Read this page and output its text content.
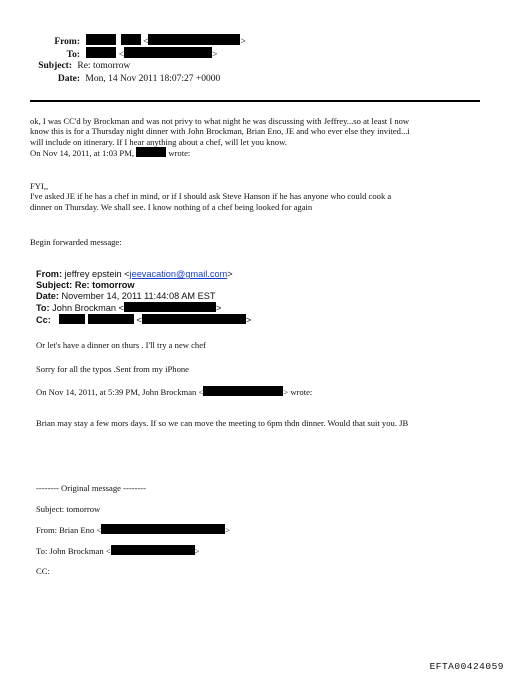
From:	<	>
To:	<	>
Subject: Re: tomorrow
Date: Mon, 14 Nov 2011 18:07:27 +0000
ok, I was CC'd by Brockman and was not privy to what night he was discussing with Jeffrey...so at least I now
know this is for a Thursday night dinner with John Brockman, Brian Eno, JE and who ever else they invited...i
will include on itinerary. If I hear anything about a chef, will let you know.
On Nov 14, 2011, at 1:03 PM,	wrote:
FYI,,
I've asked JE if he has a chef in mind, or if I should ask Steve Hanson if he has anyone who could cook a
dinner on Thursday. We shall see. I know nothing of a chef being looked for again
Begin forwarded message:
From: jeffrey epstein <jeevacation@gmail.com>
Subject: Re: tomorrow
Date: November 14, 2011 11:44:08 AM EST
To: John Brockman <	>
Cc:	<	>
Or let's have a dinner on thurs . I'll try a new chef
Sorry for all the typos .Sent from my iPhone
On Nov 14, 2011, at 5:39 PM, John Brockman <	> wrote:
Brian may stay a few mors days. If so we can move the meeting to 6pm thdn dinner. Would that suit you. JB
-------- Original message --------
Subject: tomorrow
From: Brian Eno <	>
To: John Brockman <	>
CC:
EFTA00424059
